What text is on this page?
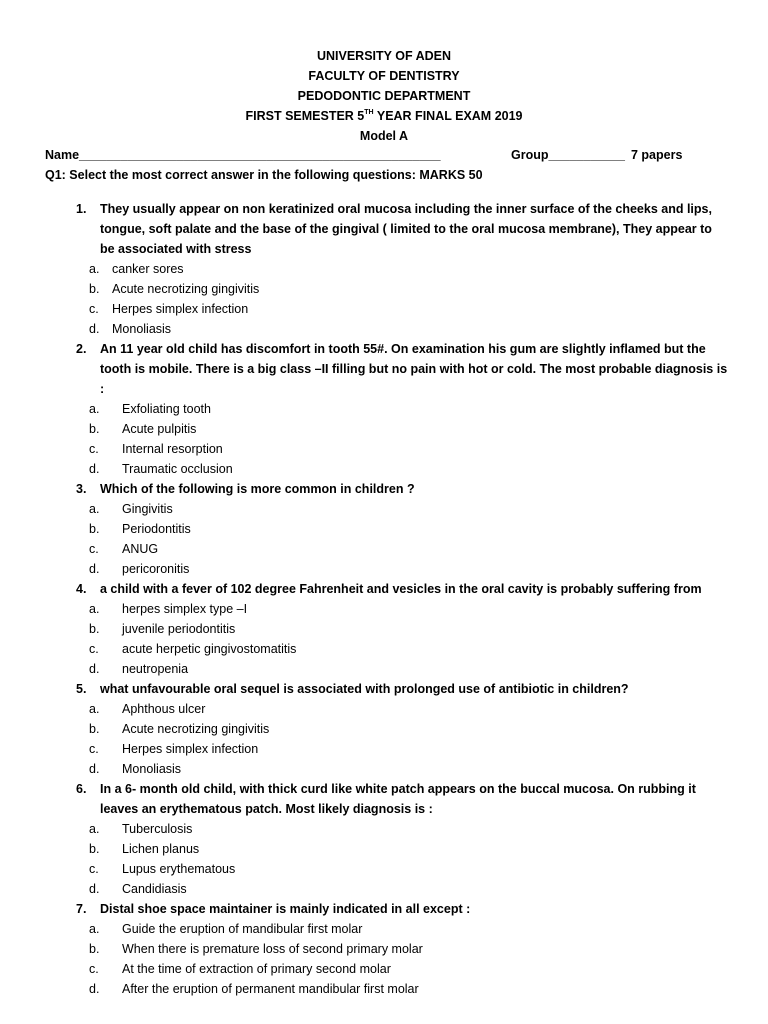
UNIVERSITY OF ADEN
FACULTY OF DENTISTRY
PEDODONTIC DEPARTMENT
FIRST SEMESTER 5TH YEAR FINAL EXAM 2019
Model A
Name____________________________________________________	Group___________ 7 papers
Q1: Select the most correct answer in the following questions: MARKS 50
1. They usually appear on non keratinized oral mucosa including the inner surface of the cheeks and lips, tongue, soft palate and the base of the gingival ( limited to the oral mucosa membrane), They appear to be associated with stress
a. canker sores
b. Acute necrotizing gingivitis
c. Herpes simplex infection
d. Monoliasis
2. An 11 year old child has discomfort in tooth 55#. On examination his gum are slightly inflamed but the tooth is mobile. There is a big class –II filling but no pain with hot or cold. The most probable diagnosis is :
a. Exfoliating tooth
b. Acute pulpitis
c. Internal resorption
d. Traumatic occlusion
3. Which of the following is more common in children ?
a. Gingivitis
b. Periodontitis
c. ANUG
d. pericoronitis
4. a child with a fever of 102 degree Fahrenheit and vesicles in the oral cavity is probably suffering from
a. herpes simplex type –I
b. juvenile periodontitis
c. acute herpetic gingivostomatitis
d. neutropenia
5. what unfavourable oral sequel is associated with prolonged use of antibiotic in children?
a. Aphthous ulcer
b. Acute necrotizing gingivitis
c. Herpes simplex infection
d. Monoliasis
6. In a 6- month old child, with thick curd like white patch appears on the buccal mucosa. On rubbing it leaves an erythematous patch. Most likely diagnosis is :
a. Tuberculosis
b. Lichen planus
c. Lupus erythematous
d. Candidiasis
7. Distal shoe space maintainer is mainly indicated in all except :
a. Guide the eruption of mandibular first molar
b. When there is premature loss of second primary molar
c. At the time of extraction of primary second molar
d. After the eruption of permanent mandibular first molar
